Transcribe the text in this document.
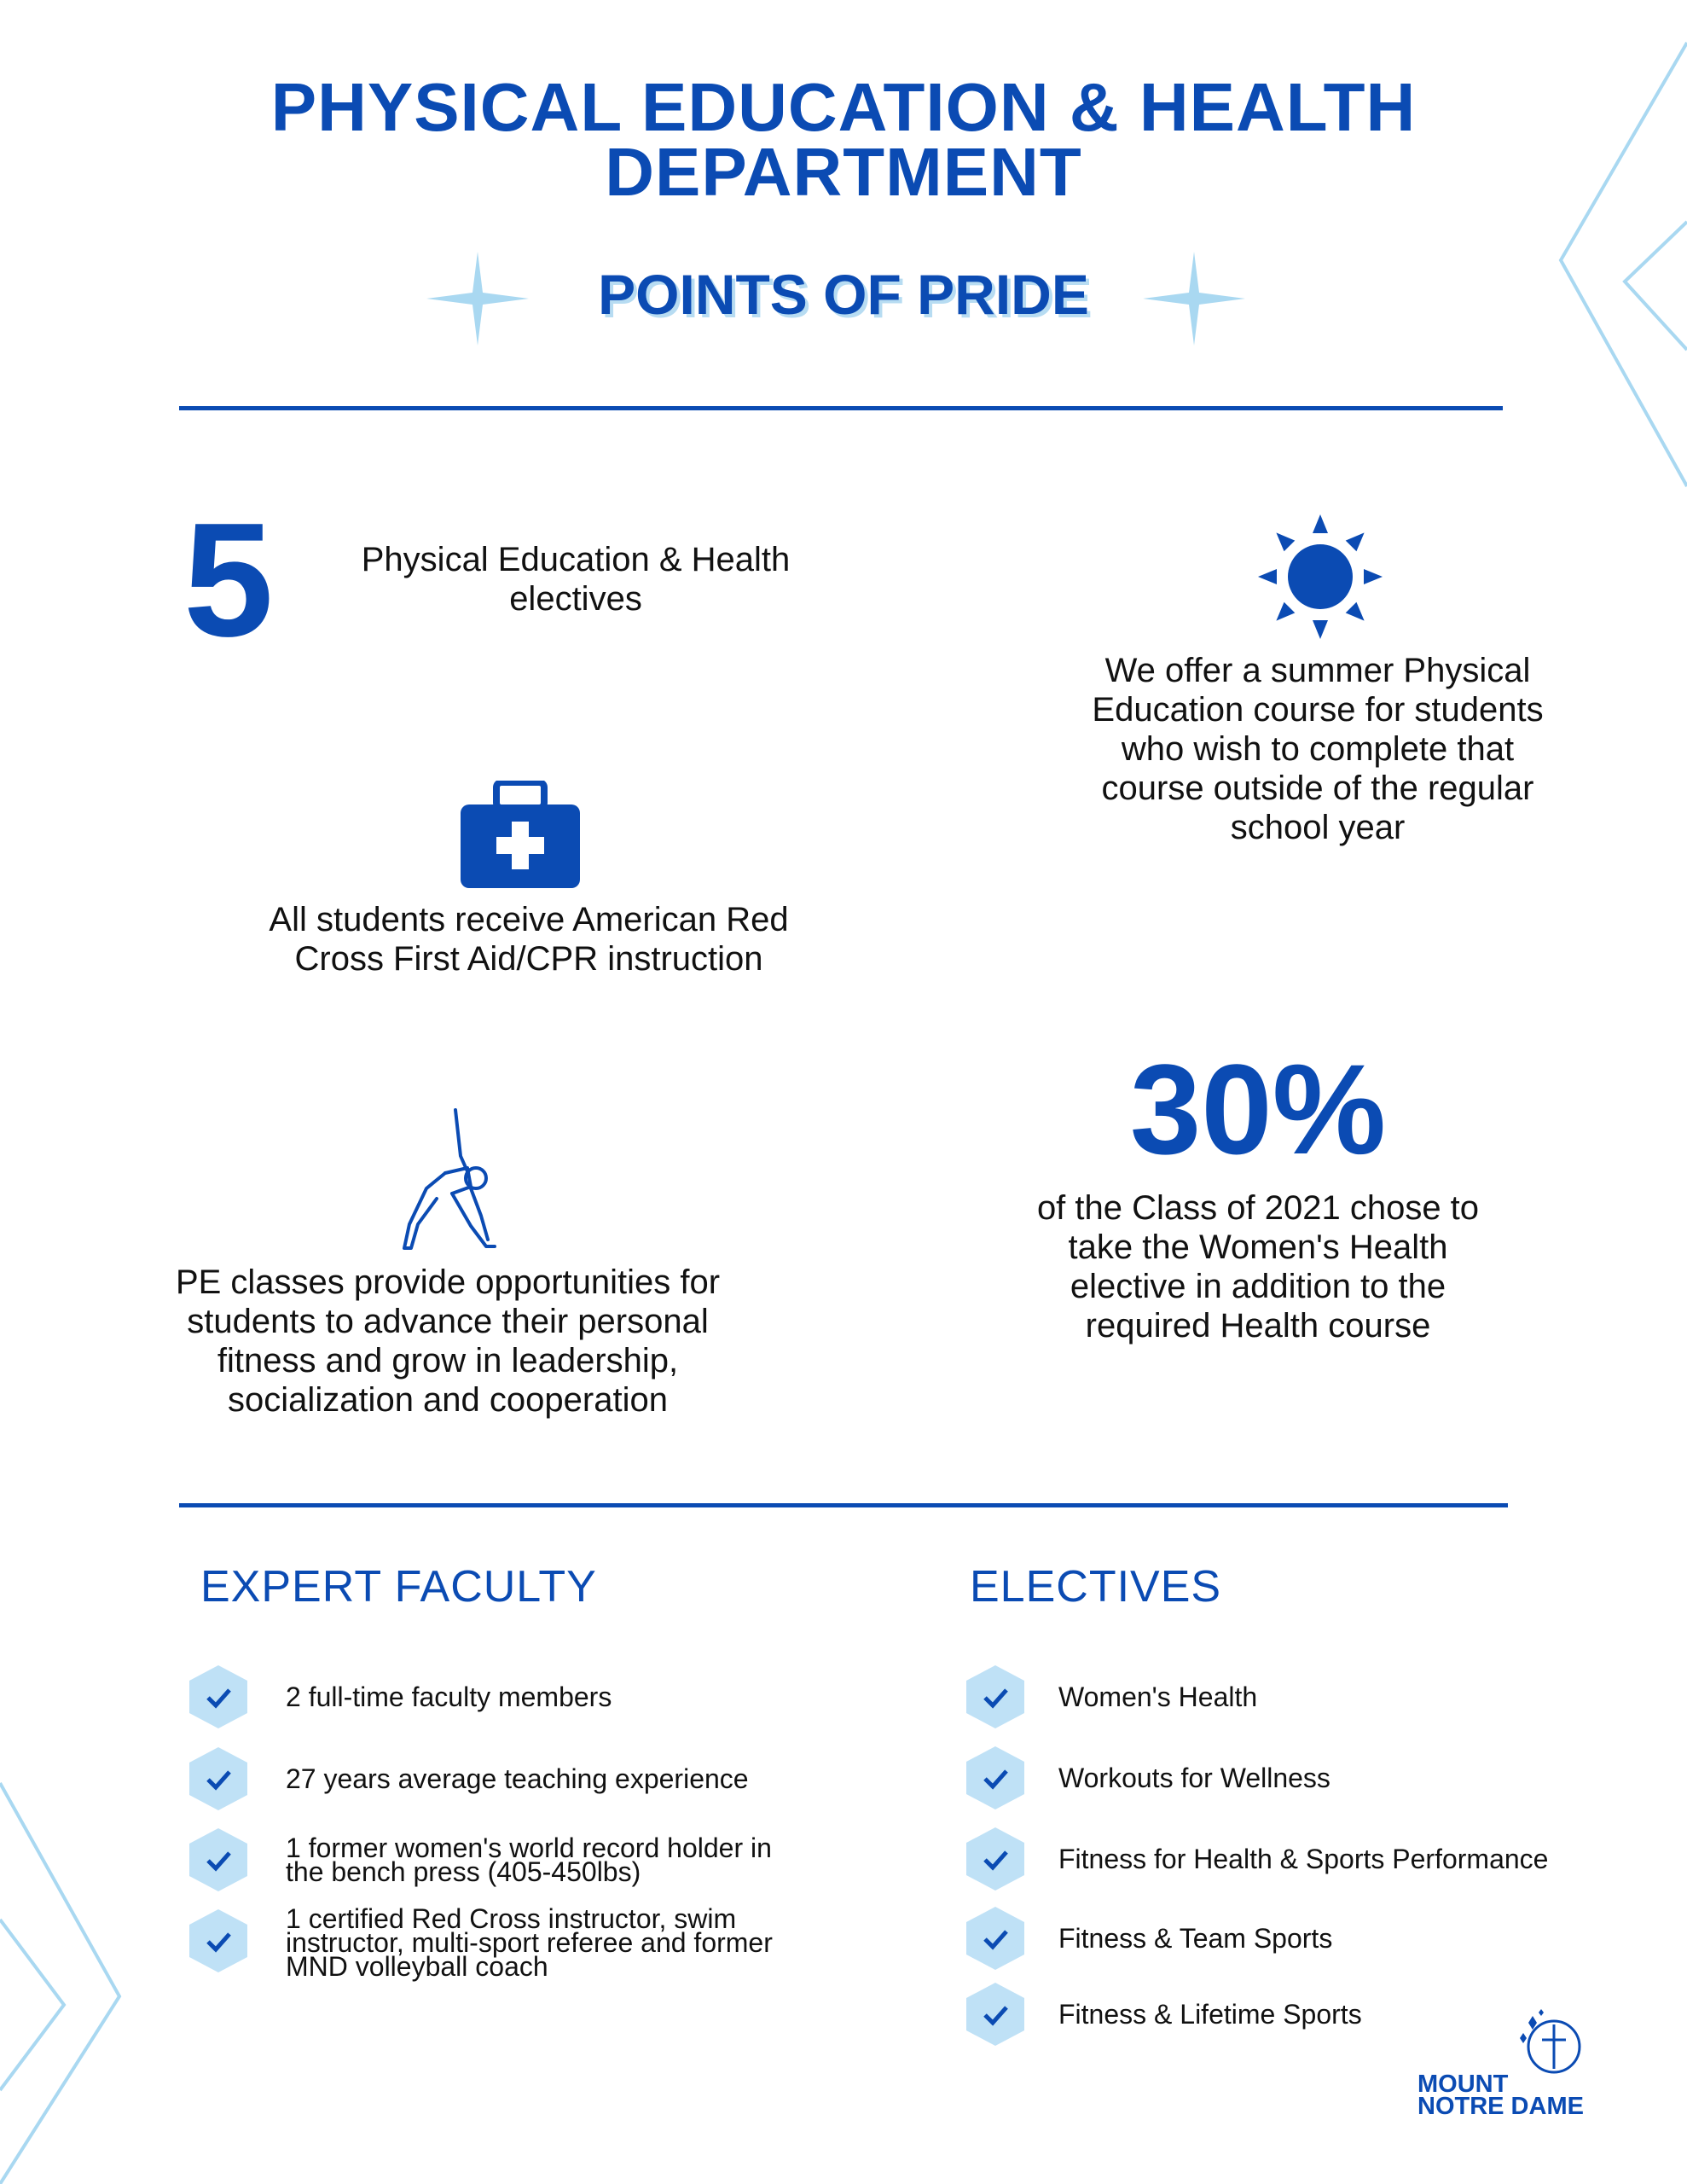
PHYSICAL EDUCATION & HEALTH
DEPARTMENT
POINTS OF PRIDE
5	Physical Education & Health
electives
We offer a summer Physical
Education course for students
who wish to complete that
course outside of the regular
school year
All students receive American Red
Cross First Aid/CPR instruction
30%
of the Class of 2021 chose to
take the Women's Health
elective in addition to the
required Health course
PE classes provide opportunities for
students to advance their personal
fitness and grow in leadership,
socialization and cooperation
EXPERT FACULTY
2 full-time faculty members
27 years average teaching experience
1 former women's world record holder in
the bench press (405-450lbs)
1 certified Red Cross instructor, swim
instructor, multi-sport referee and former
MND volleyball coach
ELECTIVES
Women's Health
Workouts for Wellness
Fitness for Health & Sports Performance
Fitness & Team Sports
Fitness & Lifetime Sports
MOUNT
NOTRE DAME
